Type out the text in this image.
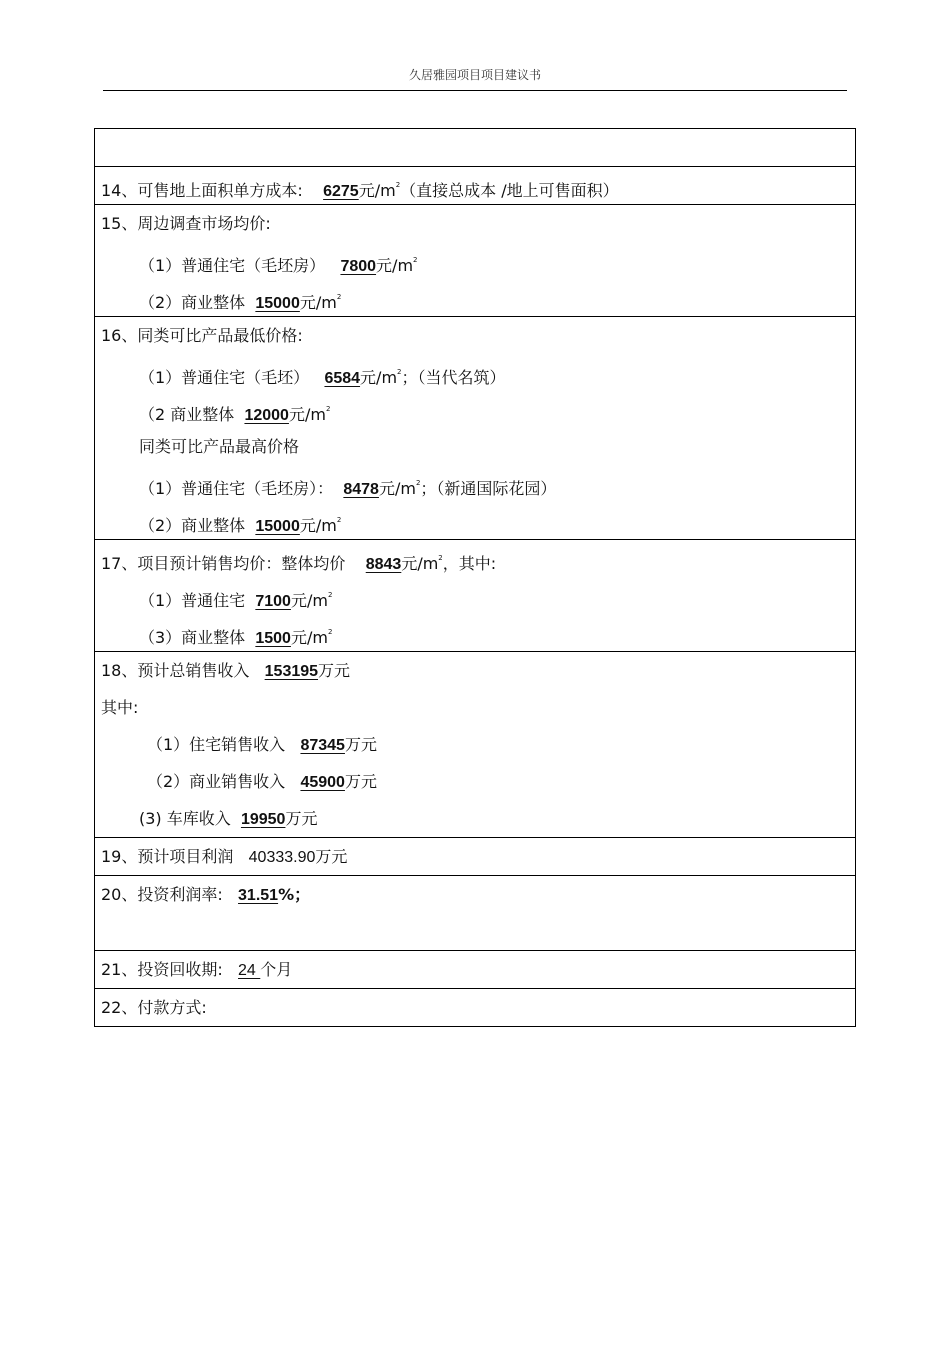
久居雅园项目项目建议书
14、可售地上面积单方成本: 6275元$/m^2$（直接总成本 /地上可售面积）
15、周边调查市场均价:
（1）普通住宅（毛坯房） 7800元$/m^2$
（2）商业整体 15000元$/m^2$
16、同类可比产品最低价格:
（1）普通住宅（毛坯） 6584元$/m^2$；（当代名筑）
（2 商业整体 12000元$/m^2$
同类可比产品最高价格
（1）普通住宅（毛坯房）：  8478元$/m^2$；（新通国际花园）
（2）商业整体 15000元$/m^2$
17、项目预计销售均价：整体均价 8843元$/m^2$，其中:
（1）普通住宅 7100元$/m^2$
（3）商业整体 1500元$/m^2$
18、预计总销售收入 153195万元
其中:
（1）住宅销售收入 87345万元
（2）商业销售收入 45900万元
(3) 车库收入 19950万元
19、预计项目利润 40333.90万元
20、投资利润率: 31.51%；
21、投资回收期: 24 个月
22、付款方式:
